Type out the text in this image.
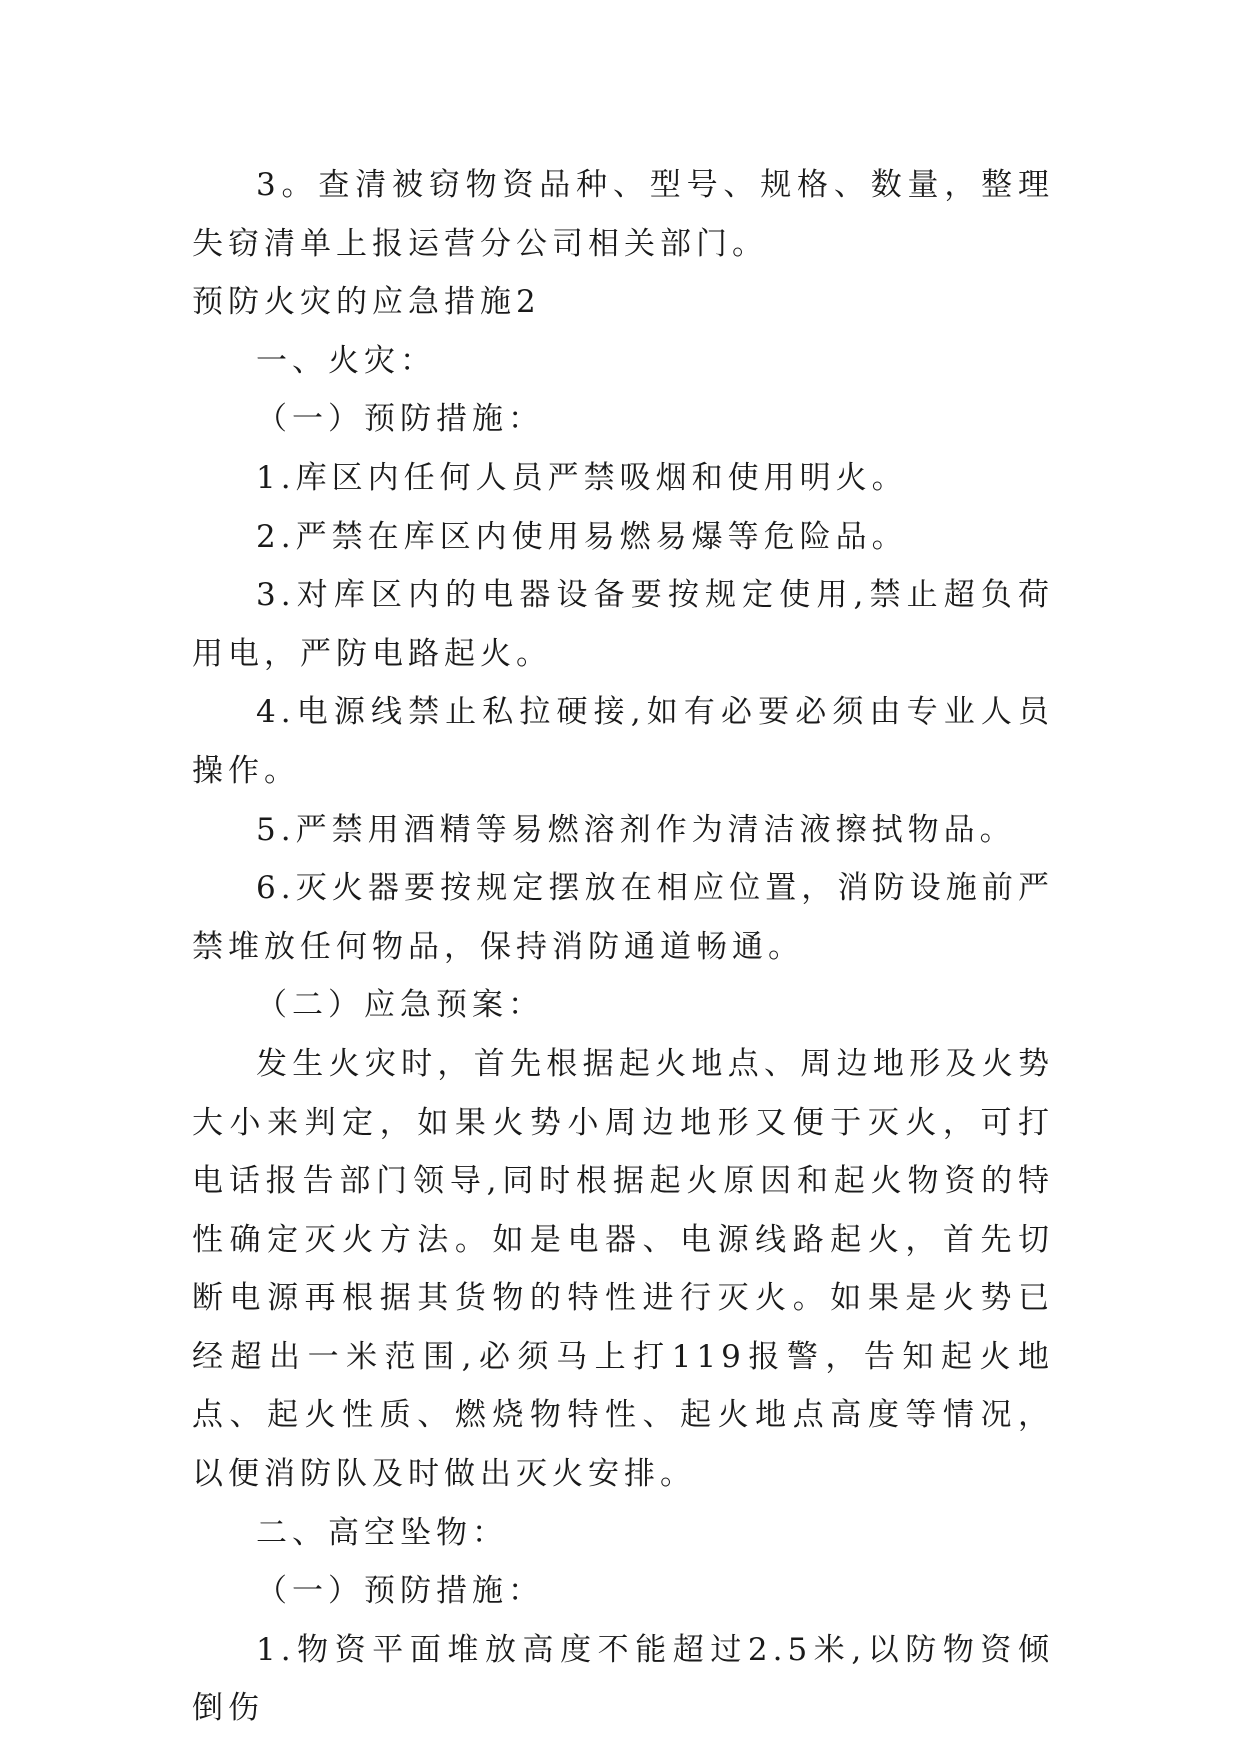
3。查清被窃物资品种、型号、规格、数量，整理失窃清单上报运营分公司相关部门。

预防火灾的应急措施2

一、火灾：

（一）预防措施：

1.库区内任何人员严禁吸烟和使用明火。

2.严禁在库区内使用易燃易爆等危险品。

3.对库区内的电器设备要按规定使用,禁止超负荷用电，严防电路起火。

4.电源线禁止私拉硬接,如有必要必须由专业人员操作。

5.严禁用酒精等易燃溶剂作为清洁液擦拭物品。

6.灭火器要按规定摆放在相应位置，消防设施前严禁堆放任何物品，保持消防通道畅通。

（二）应急预案：

发生火灾时，首先根据起火地点、周边地形及火势大小来判定，如果火势小周边地形又便于灭火，可打电话报告部门领导,同时根据起火原因和起火物资的特性确定灭火方法。如是电器、电源线路起火，首先切断电源再根据其货物的特性进行灭火。如果是火势已经超出一米范围,必须马上打119报警，告知起火地点、起火性质、燃烧物特性、起火地点高度等情况，以便消防队及时做出灭火安排。

二、高空坠物：

（一）预防措施：

1.物资平面堆放高度不能超过2.5米,以防物资倾倒伤
